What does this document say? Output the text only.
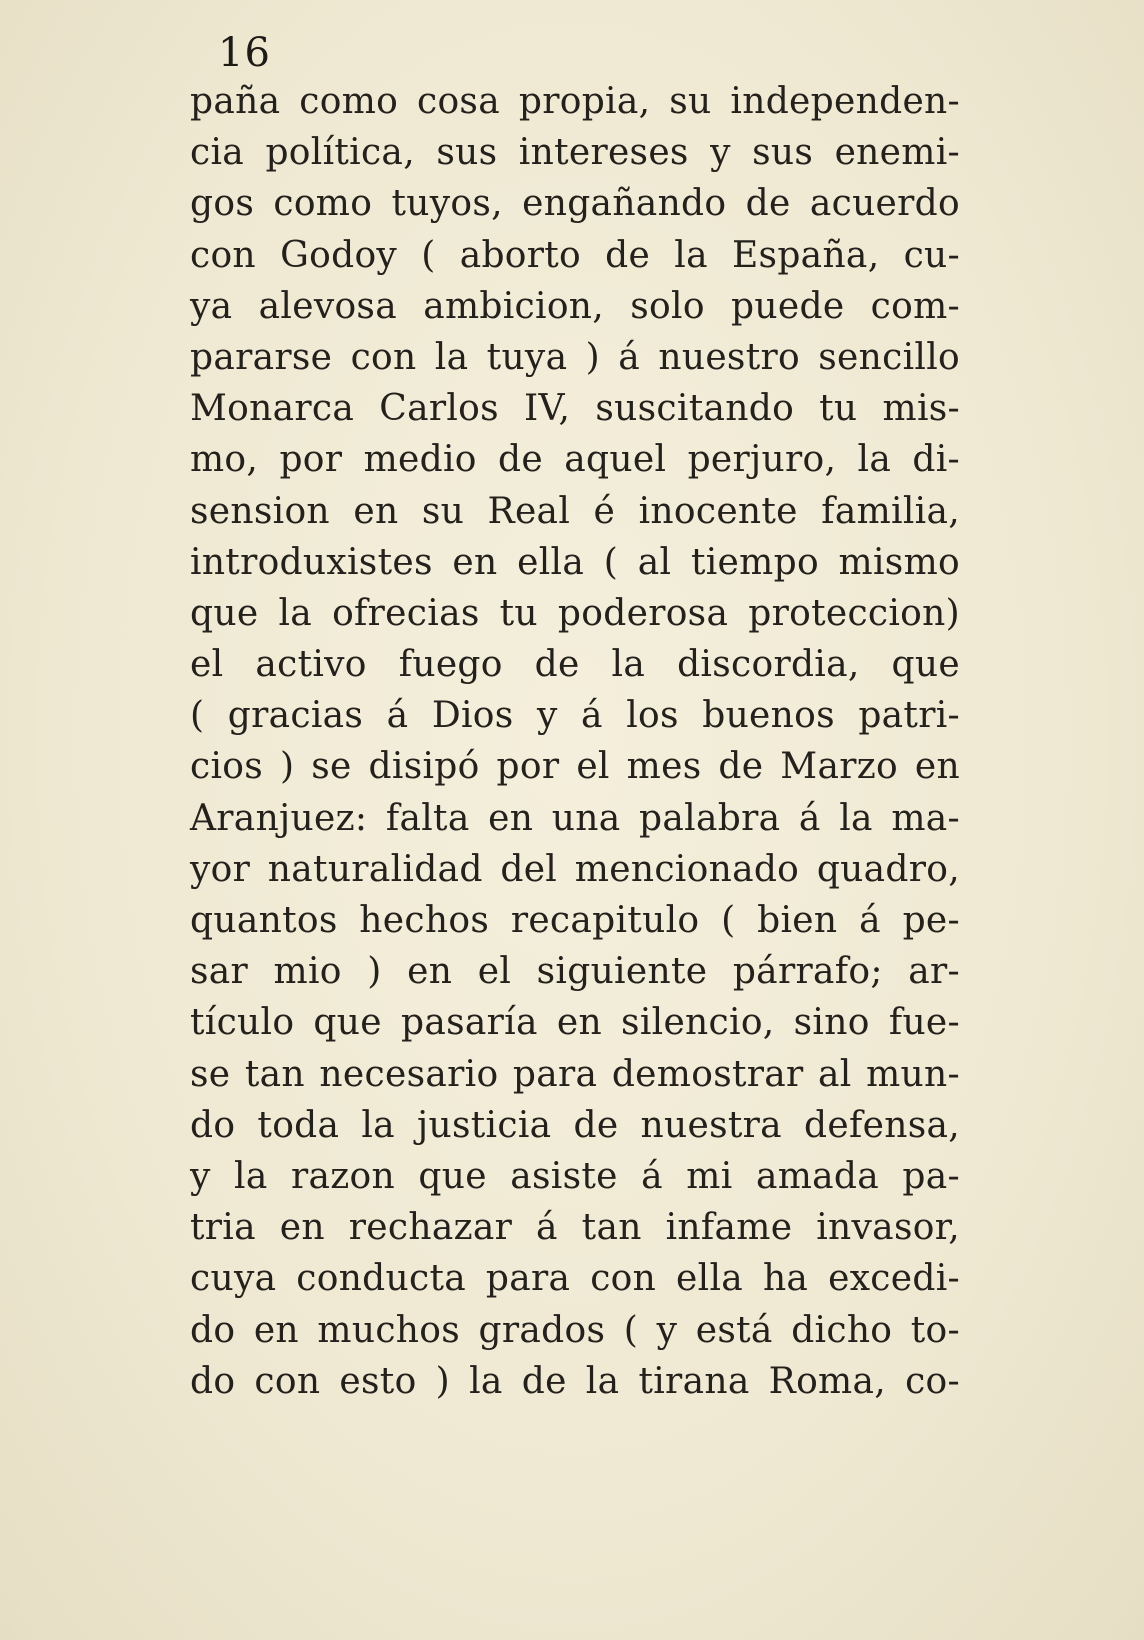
16
paña como cosa propia, su independen-
cia política, sus intereses y sus enemi-
gos como tuyos, engañando de acuerdo
con Godoy ( aborto de la España, cu-
ya alevosa ambicion, solo puede com-
pararse con la tuya ) á nuestro sencillo
Monarca Carlos IV, suscitando tu mis-
mo, por medio de aquel perjuro, la di-
sension en su Real é inocente familia,
introduxistes en ella ( al tiempo mismo
que la ofrecias tu poderosa proteccion)
el activo fuego de la discordia, que
( gracias á Dios y á los buenos patri-
cios ) se disipó por el mes de Marzo en
Aranjuez: falta en una palabra á la ma-
yor naturalidad del mencionado quadro,
quantos hechos recapitulo ( bien á pe-
sar mio ) en el siguiente párrafo; ar-
tículo que pasaría en silencio, sino fue-
se tan necesario para demostrar al mun-
do toda la justicia de nuestra defensa,
y la razon que asiste á mi amada pa-
tria en rechazar á tan infame invasor,
cuya conducta para con ella ha excedi-
do en muchos grados ( y está dicho to-
do con esto ) la de la tirana Roma, co-
